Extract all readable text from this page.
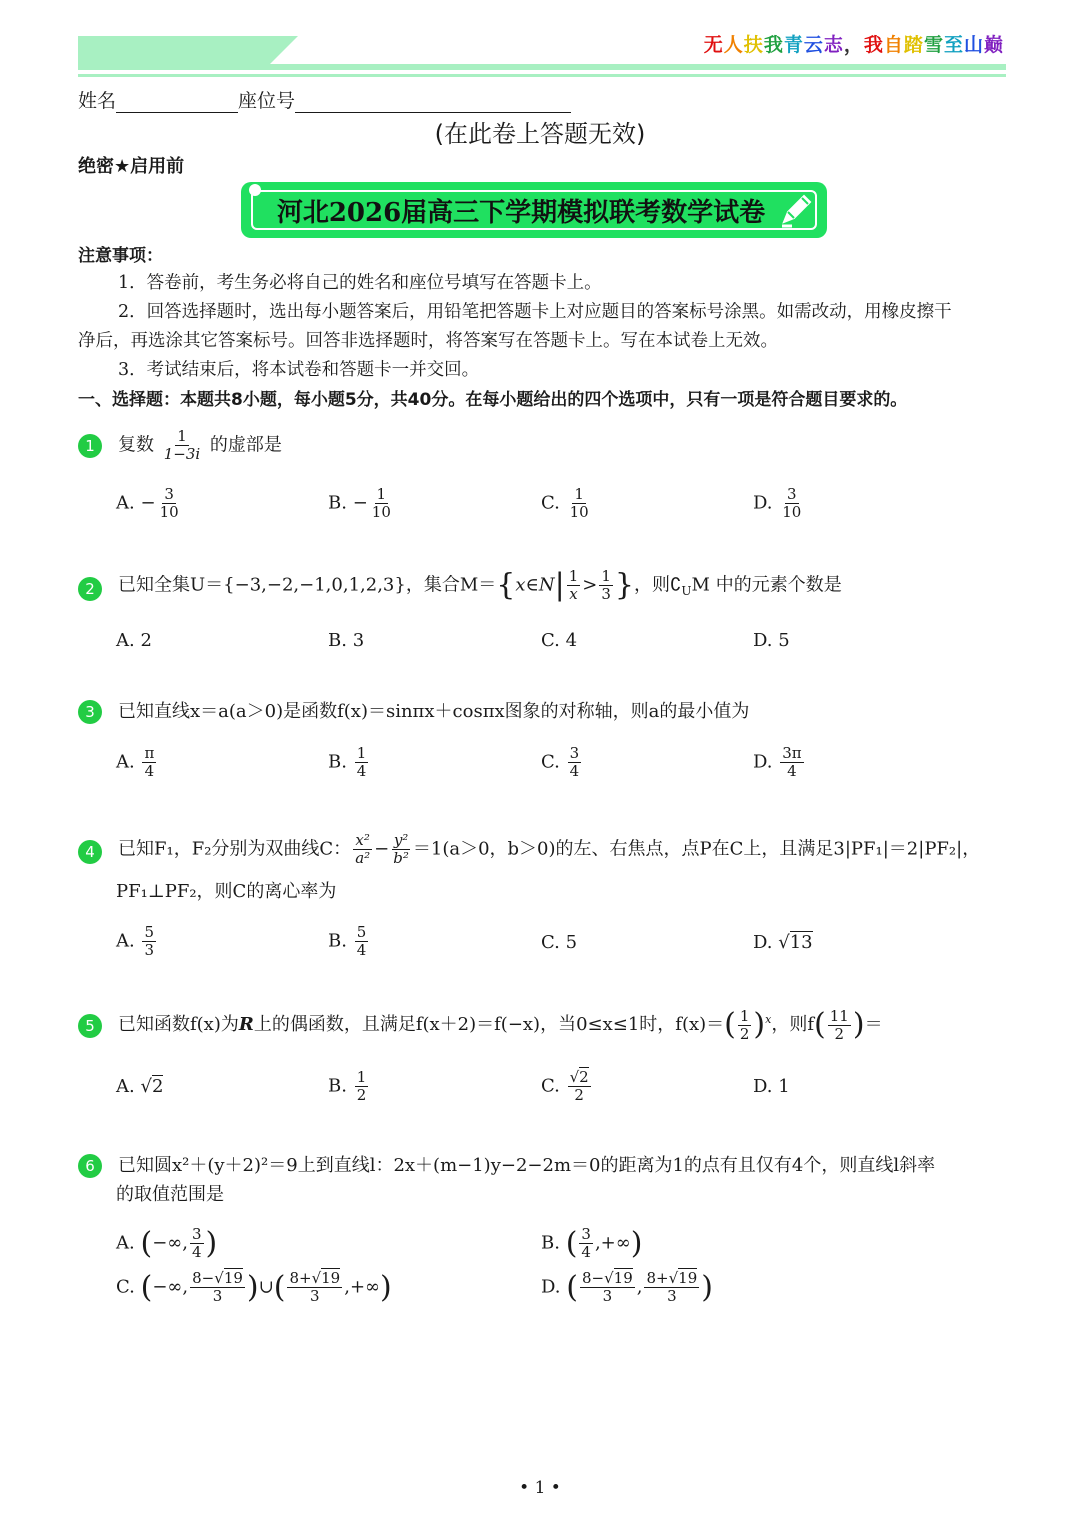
无人扶我青云志，我自踏雪至山巅
姓名	座位号
(在此卷上答题无效)
绝密★启用前
河北2026届高三下学期模拟联考数学试卷
注意事项：
1．答卷前，考生务必将自己的姓名和座位号填写在答题卡上。
2．回答选择题时，选出每小题答案后，用铅笔把答题卡上对应题目的答案标号涂黑。如需改动，用橡皮擦干
净后，再选涂其它答案标号。回答非选择题时，将答案写在答题卡上。写在本试卷上无效。
3．考试结束后，将本试卷和答题卡一并交回。
一、选择题：本题共8小题，每小题5分，共40分。在每小题给出的四个选项中，只有一项是符合题目要求的。
1	复数 $\frac{1}{1-3i}$ 的虚部是
A. − $\frac{3}{10}$	B. − $\frac{1}{10}$	C. $\frac{1}{10}$	D. $\frac{3}{10}$
2	已知全集U＝{−3,−2,−1,0,1,2,3}，集合M＝{x∈N| $\frac{1}{x} > \frac{1}{3}$ }，则$∁_UM$ 中的元素个数是
A. 2	B. 3	C. 4	D. 5
3	已知直线x＝a(a＞0)是函数f(x)＝sinπx＋cosπx图象的对称轴，则a的最小值为
A. $\frac{\pi}{4}$	B. $\frac{1}{4}$	C. $\frac{3}{4}$	D. $\frac{3\pi}{4}$
4	已知F₁，F₂分别为双曲线C： $\frac{\text{x²}}{\text{a²}} - \frac{\text{y²}}{\text{b²}} =1(a>0$，b＞0)的左、右焦点，点P在C上，且满足3|PF₁|＝2|PF₂|，
PF₁⊥PF₂，则C的离心率为
A. $\frac{5}{3}$	B. $\frac{5}{4}$	C. 5	D. √13
5	已知函数f(x)为R上的偶函数，且满足f(x＋2)＝f(−x)，当0≤x≤1时，$f(x)=( \frac{1}{2} )^x$，则$f( \frac{11}{2}$ )＝
A. √2	B. $\frac{1}{2}$	C. $\frac{√2}{2}$	D. 1
6	已知圆x²＋(y＋2)²＝9上到直线l：2x＋(m−1)y−2−2m＝0的距离为1的点有且仅有4个，则直线l斜率
的取值范围是
A. (−∞, $\frac{3}{4}$ )	B. ( $\frac{3}{4}$ ,+∞)
C. (−∞, $\frac{8-√19}{3}$ )∪( $\frac{8+√19}{3}$ ,+∞)	D. ( $\frac{8-√19}{3}$ , $\frac{8+√19}{3}$ )
• 1 •
